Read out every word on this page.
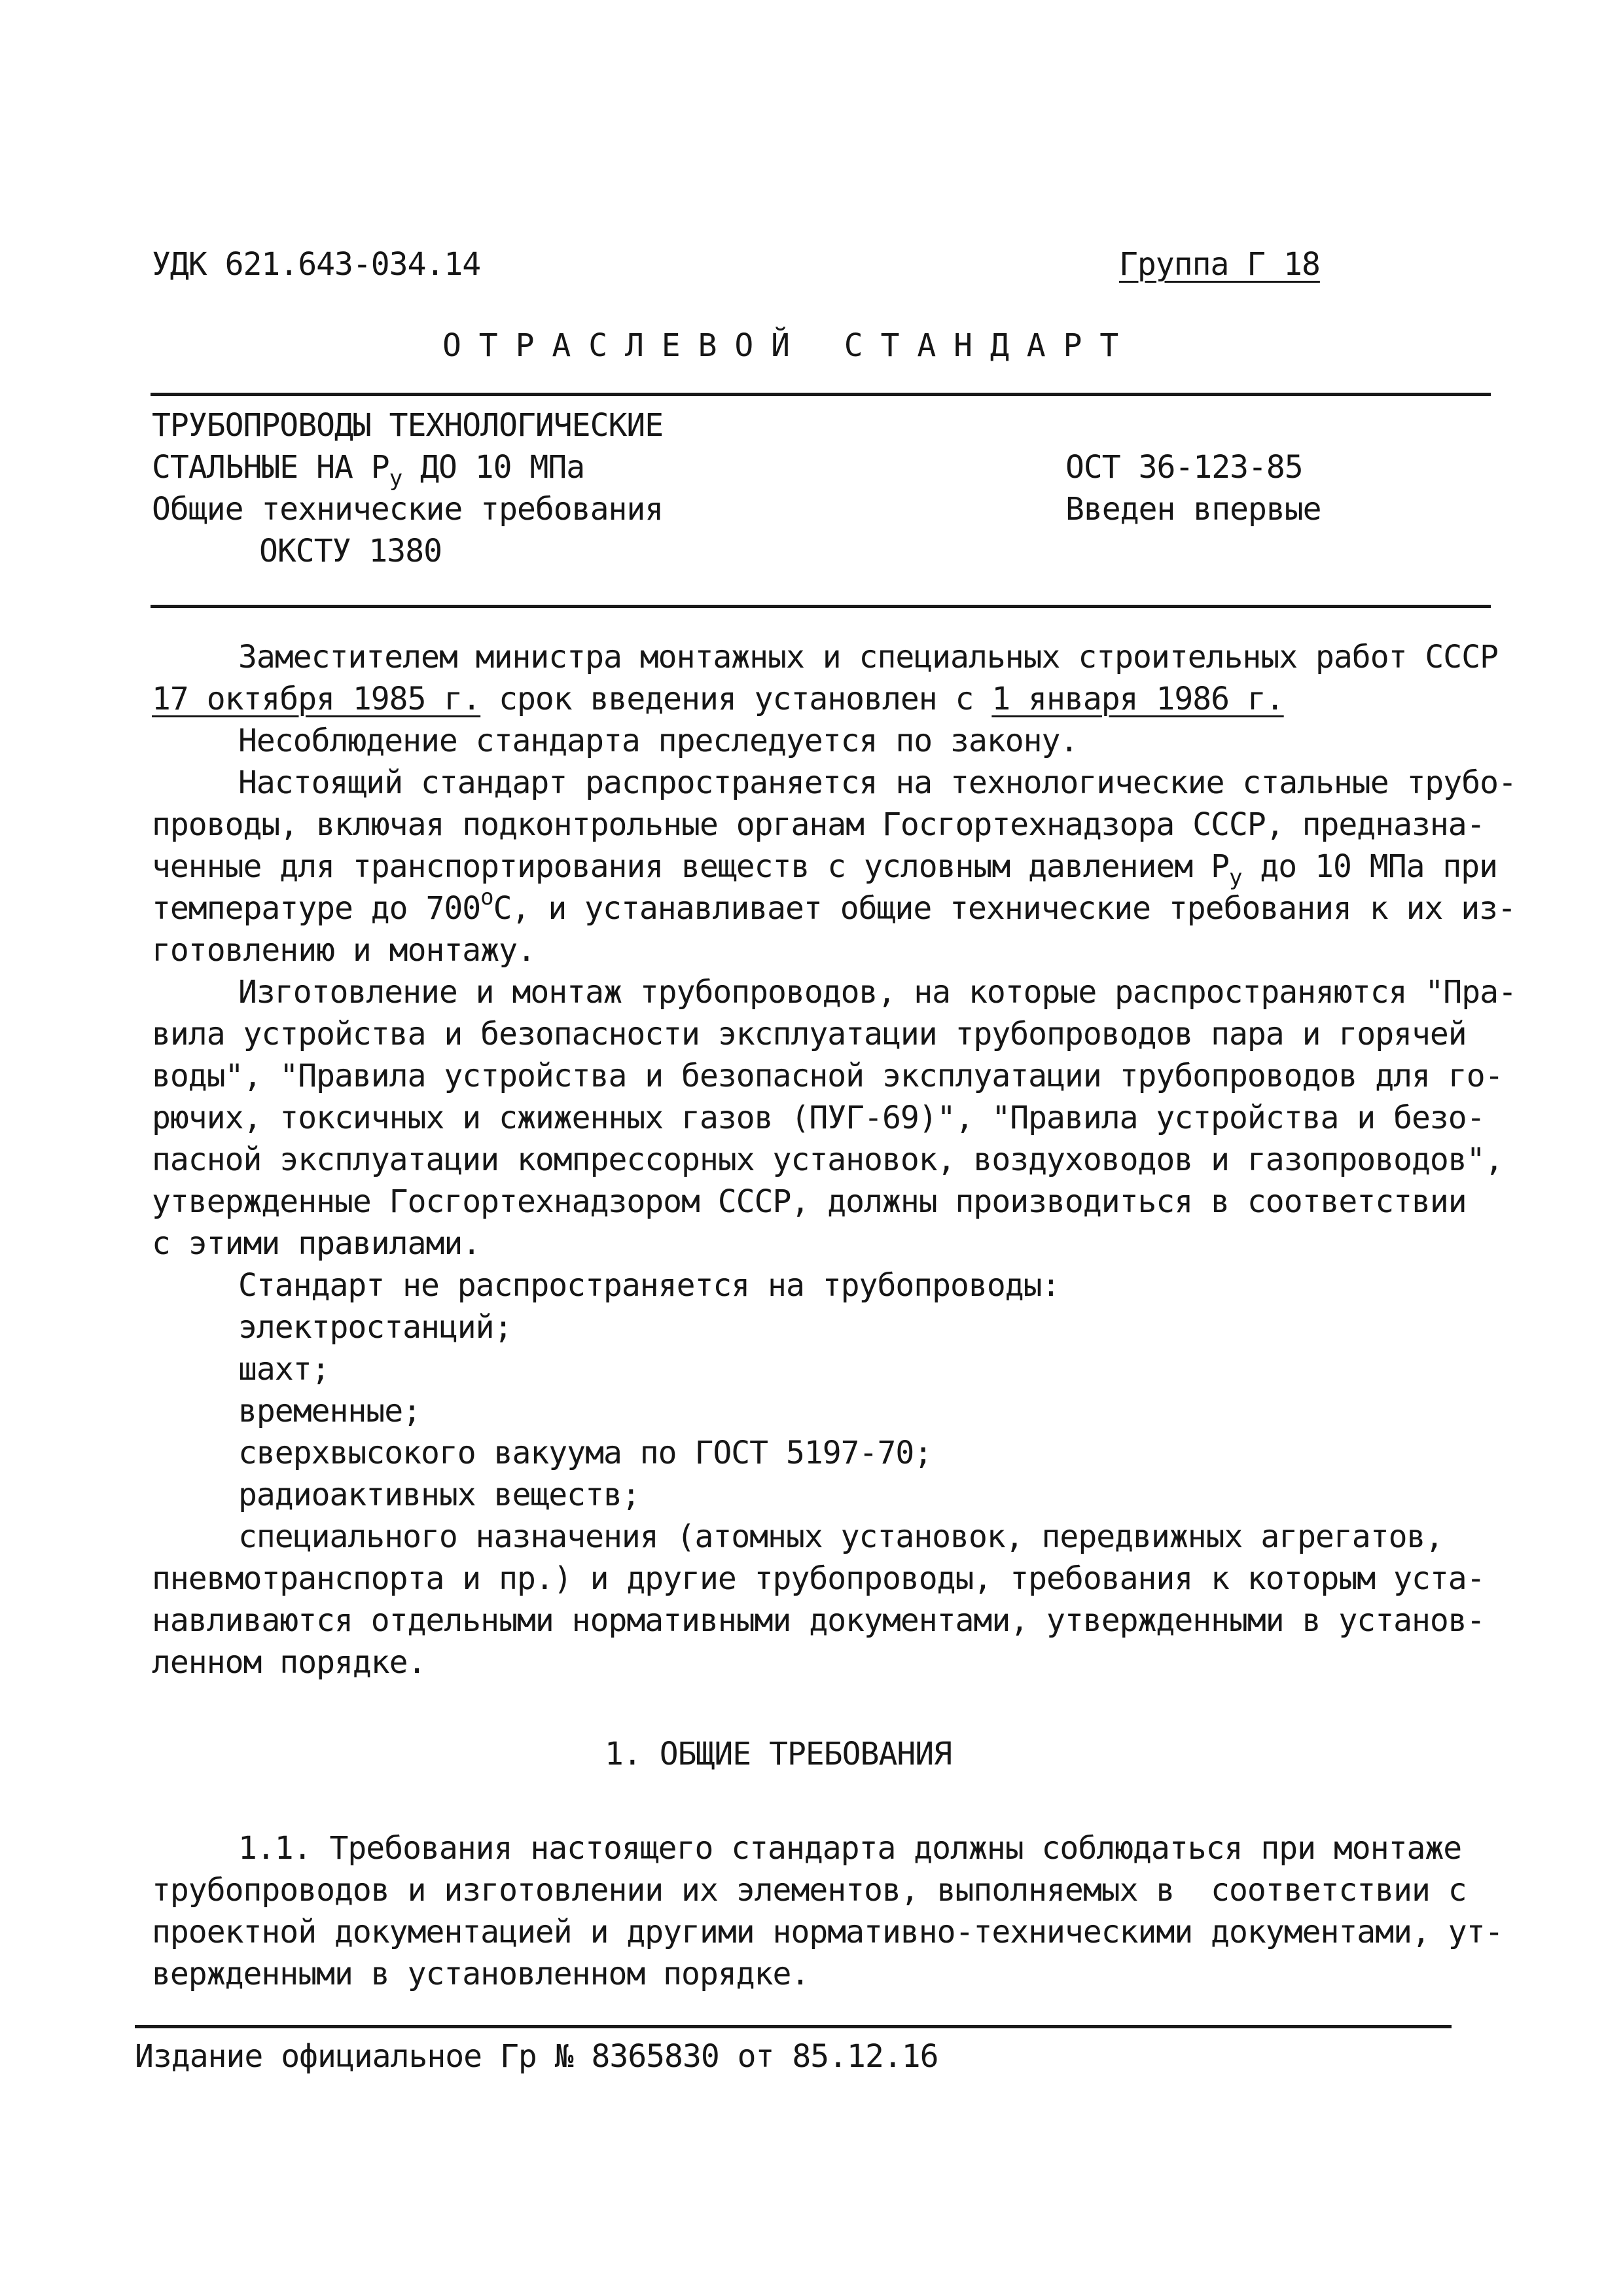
УДК 621.643-034.14	Группа Г 18
О Т Р А С Л Е В О Й   С Т А Н Д А Р Т
ТРУБОПРОВОДЫ ТЕХНОЛОГИЧЕСКИЕ
СТАЛЬНЫЕ НА $Р_у$ ДО 10 МПа
Общие технические требования
ОКСТУ 1380
ОСТ 36-123-85
Введен впервые
Заместителем министра монтажных и специальных строительных работ СССР
17 октября 1985 г. срок введения установлен с 1 января 1986 г.
Несоблюдение стандарта преследуется по закону.
Настоящий стандарт распространяется на технологические стальные трубо-
проводы, включая подконтрольные органам Госгортехнадзора СССР, предназна-
ченные для транспортирования веществ с условным давлением $Р_у$ до 10 МПа при
температуре до $700^оС$, и устанавливает общие технические требования к их из-
готовлению и монтажу.
Изготовление и монтаж трубопроводов, на которые распространяются "Пра-
вила устройства и безопасности эксплуатации трубопроводов пара и горячей
воды", "Правила устройства и безопасной эксплуатации трубопроводов для го-
рючих, токсичных и сжиженных газов (ПУГ-69)", "Правила устройства и безо-
пасной эксплуатации компрессорных установок, воздуховодов и газопроводов",
утвержденные Госгортехнадзором СССР, должны производиться в соответствии
с этими правилами.
Стандарт не распространяется на трубопроводы:
электростанций;
шахт;
временные;
сверхвысокого вакуума по ГОСТ 5197-70;
радиоактивных веществ;
специального назначения (атомных установок, передвижных агрегатов,
пневмотранспорта и пр.) и другие трубопроводы, требования к которым уста-
навливаются отдельными нормативными документами, утвержденными в установ-
ленном порядке.
1. ОБЩИЕ ТРЕБОВАНИЯ
1.1. Требования настоящего стандарта должны соблюдаться при монтаже
трубопроводов и изготовлении их элементов, выполняемых в  соответствии с
проектной документацией и другими нормативно-техническими документами, ут-
вержденными в установленном порядке.
Издание официальное Гр № 8365830 от 85.12.16
